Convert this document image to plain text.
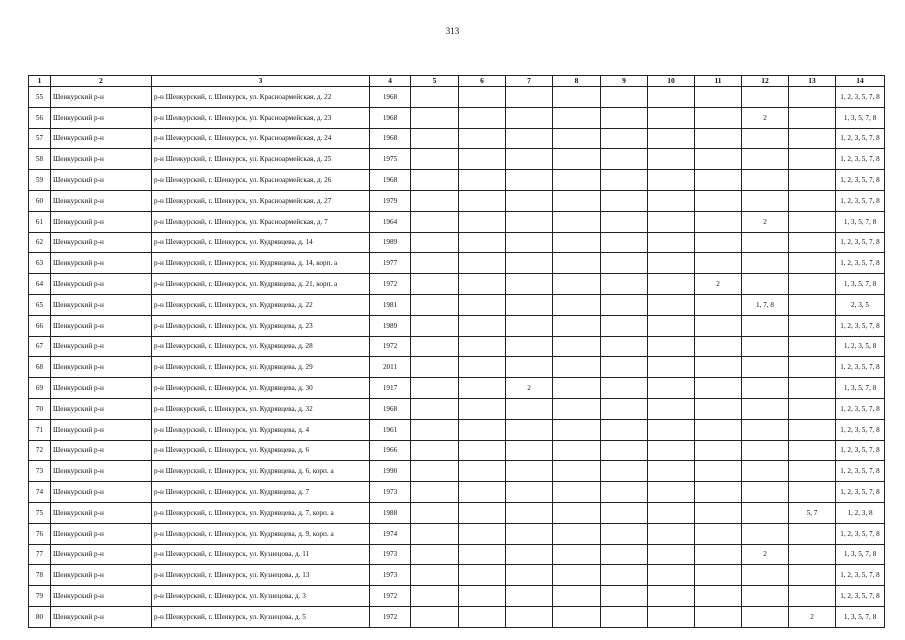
313
1	2	3	4	5	6	7	8	9	10	11	12	13	14
55	Шенкурский р-н	р-н Шенкурский, г. Шенкурск, ул. Красноармейская, д. 22	1968										1, 2, 3, 5, 7, 8
56	Шенкурский р-н	р-н Шенкурский, г. Шенкурск, ул. Красноармейская, д. 23	1968								2		1, 3, 5, 7, 8
57	Шенкурский р-н	р-н Шенкурский, г. Шенкурск, ул. Красноармейская, д. 24	1968										1, 2, 3, 5, 7, 8
58	Шенкурский р-н	р-н Шенкурский, г. Шенкурск, ул. Красноармейская, д. 25	1975										1, 2, 3, 5, 7, 8
59	Шенкурский р-н	р-н Шенкурский, г. Шенкурск, ул. Красноармейская, д. 26	1968										1, 2, 3, 5, 7, 8
60	Шенкурский р-н	р-н Шенкурский, г. Шенкурск, ул. Красноармейская, д. 27	1979										1, 2, 3, 5, 7, 8
61	Шенкурский р-н	р-н Шенкурский, г. Шенкурск, ул. Красноармейская, д. 7	1964								2		1, 3, 5, 7, 8
62	Шенкурский р-н	р-н Шенкурский, г. Шенкурск, ул. Кудрявцева, д. 14	1989										1, 2, 3, 5, 7, 8
63	Шенкурский р-н	р-н Шенкурский, г. Шенкурск, ул. Кудрявцева, д. 14, корп. а	1977										1, 2, 3, 5, 7, 8
64	Шенкурский р-н	р-н Шенкурский, г. Шенкурск, ул. Кудрявцева, д. 21, корп. а	1972							2			1, 3, 5, 7, 8
65	Шенкурский р-н	р-н Шенкурский, г. Шенкурск, ул. Кудрявцева, д. 22	1981								1, 7, 8		2, 3, 5
66	Шенкурский р-н	р-н Шенкурский, г. Шенкурск, ул. Кудрявцева, д. 23	1989										1, 2, 3, 5, 7, 8
67	Шенкурский р-н	р-н Шенкурский, г. Шенкурск, ул. Кудрявцева, д. 28	1972										1, 2, 3, 5, 8
68	Шенкурский р-н	р-н Шенкурский, г. Шенкурск, ул. Кудрявцева, д. 29	2011										1, 2, 3, 5, 7, 8
69	Шенкурский р-н	р-н Шенкурский, г. Шенкурск, ул. Кудрявцева, д. 30	1917			2							1, 3, 5, 7, 8
70	Шенкурский р-н	р-н Шенкурский, г. Шенкурск, ул. Кудрявцева, д. 32	1968										1, 2, 3, 5, 7, 8
71	Шенкурский р-н	р-н Шенкурский, г. Шенкурск, ул. Кудрявцева, д. 4	1961										1, 2, 3, 5, 7, 8
72	Шенкурский р-н	р-н Шенкурский, г. Шенкурск, ул. Кудрявцева, д. 6	1966										1, 2, 3, 5, 7, 8
73	Шенкурский р-н	р-н Шенкурский, г. Шенкурск, ул. Кудрявцева, д. 6, корп. а	1990										1, 2, 3, 5, 7, 8
74	Шенкурский р-н	р-н Шенкурский, г. Шенкурск, ул. Кудрявцева, д. 7	1973										1, 2, 3, 5, 7, 8
75	Шенкурский р-н	р-н Шенкурский, г. Шенкурск, ул. Кудрявцева, д. 7, корп. а	1988									5, 7	1, 2, 3, 8
76	Шенкурский р-н	р-н Шенкурский, г. Шенкурск, ул. Кудрявцева, д. 9, корп. а	1974										1, 2, 3, 5, 7, 8
77	Шенкурский р-н	р-н Шенкурский, г. Шенкурск, ул. Кузнецова, д. 11	1973								2		1, 3, 5, 7, 8
78	Шенкурский р-н	р-н Шенкурский, г. Шенкурск, ул. Кузнецова, д. 13	1973										1, 2, 3, 5, 7, 8
79	Шенкурский р-н	р-н Шенкурский, г. Шенкурск, ул. Кузнецова, д. 3	1972										1, 2, 3, 5, 7, 8
80	Шенкурский р-н	р-н Шенкурский, г. Шенкурск, ул. Кузнецова, д. 5	1972									2	1, 3, 5, 7, 8
